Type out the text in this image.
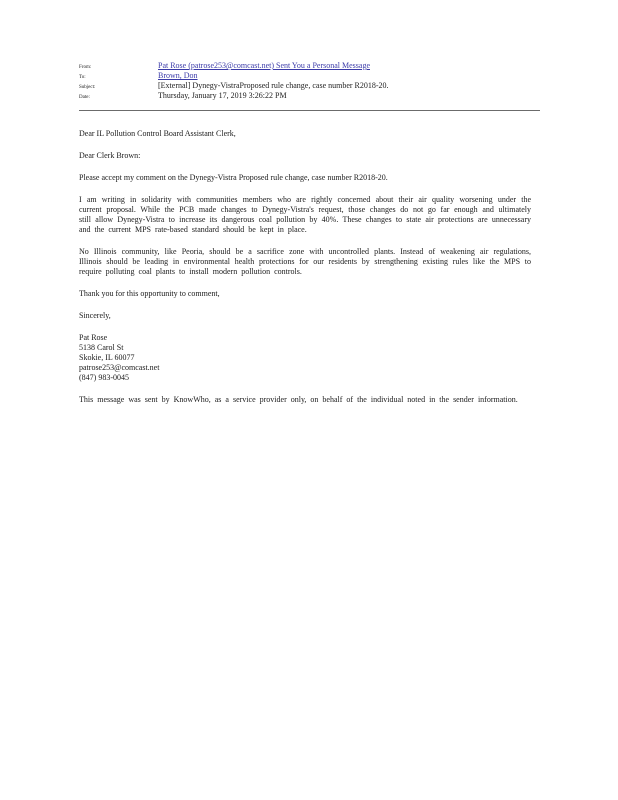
From:	Pat Rose (patrose253@comcast.net) Sent You a Personal Message
To:	Brown, Don
Subject:	[External] Dynegy-VistraProposed rule change, case number R2018-20.
Date:	Thursday, January 17, 2019 3:26:22 PM

Dear IL Pollution Control Board Assistant Clerk,

Dear Clerk Brown:

Please accept my comment on the Dynegy-Vistra Proposed rule change, case number R2018-20.

I am writing in solidarity with communities members who are rightly concerned about their air quality worsening under the current proposal. While the PCB made changes to Dynegy-Vistra's request, those changes do not go far enough and ultimately still allow Dynegy-Vistra to increase its dangerous coal pollution by 40%. These changes to state air protections are unnecessary and the current MPS rate-based standard should be kept in place.

No Illinois community, like Peoria, should be a sacrifice zone with uncontrolled plants. Instead of weakening air regulations, Illinois should be leading in environmental health protections for our residents by strengthening existing rules like the MPS to require polluting coal plants to install modern pollution controls.

Thank you for this opportunity to comment,

Sincerely,

Pat Rose
5138 Carol St
Skokie, IL 60077
patrose253@comcast.net
(847) 983-0045

This message was sent by KnowWho, as a service provider only, on behalf of the individual noted in the sender information.
